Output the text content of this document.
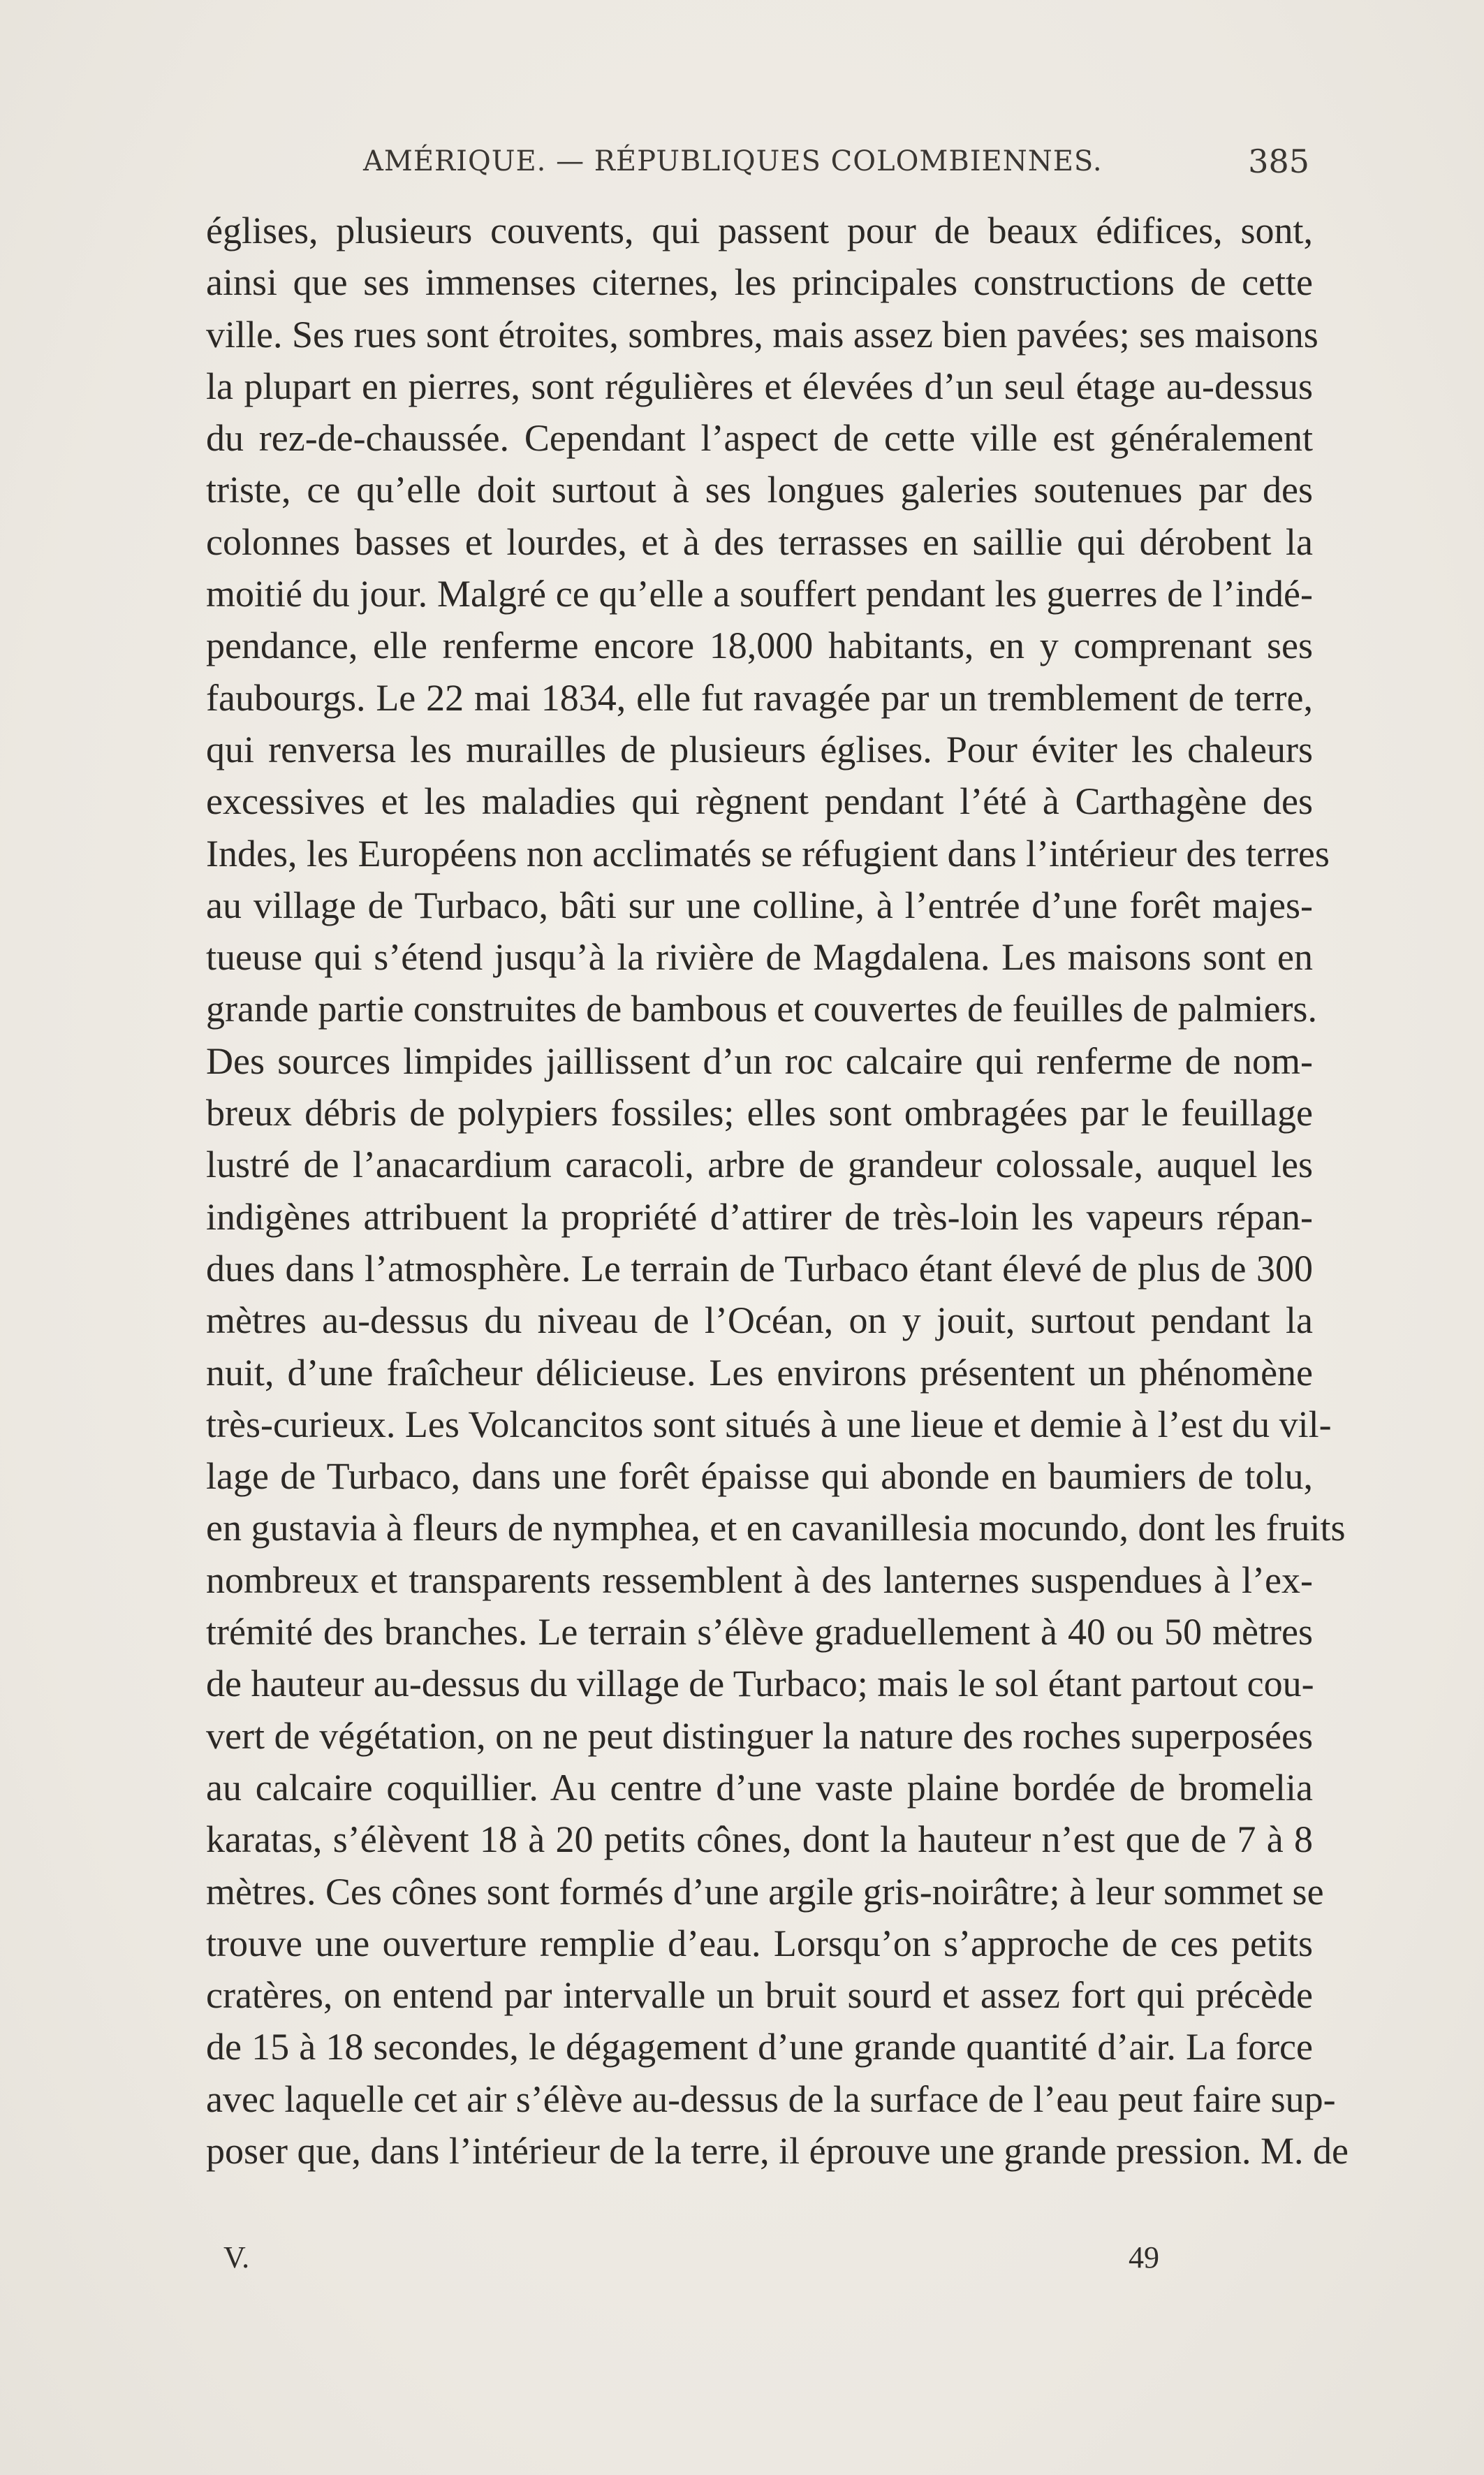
AMÉRIQUE. — RÉPUBLIQUES COLOMBIENNES.	385
églises, plusieurs couvents, qui passent pour de beaux édifices, sont,
ainsi que ses immenses citernes, les principales constructions de cette
ville. Ses rues sont étroites, sombres, mais assez bien pavées; ses maisons
la plupart en pierres, sont régulières et élevées d’un seul étage au-dessus
du rez-de-chaussée. Cependant l’aspect de cette ville est généralement
triste, ce qu’elle doit surtout à ses longues galeries soutenues par des
colonnes basses et lourdes, et à des terrasses en saillie qui dérobent la
moitié du jour. Malgré ce qu’elle a souffert pendant les guerres de l’indé-
pendance, elle renferme encore 18,000 habitants, en y comprenant ses
faubourgs. Le 22 mai 1834, elle fut ravagée par un tremblement de terre,
qui renversa les murailles de plusieurs églises. Pour éviter les chaleurs
excessives et les maladies qui règnent pendant l’été à Carthagène des
Indes, les Européens non acclimatés se réfugient dans l’intérieur des terres
au village de Turbaco, bâti sur une colline, à l’entrée d’une forêt majes-
tueuse qui s’étend jusqu’à la rivière de Magdalena. Les maisons sont en
grande partie construites de bambous et couvertes de feuilles de palmiers.
Des sources limpides jaillissent d’un roc calcaire qui renferme de nom-
breux débris de polypiers fossiles; elles sont ombragées par le feuillage
lustré de l’anacardium caracoli, arbre de grandeur colossale, auquel les
indigènes attribuent la propriété d’attirer de très-loin les vapeurs répan-
dues dans l’atmosphère. Le terrain de Turbaco étant élevé de plus de 300
mètres au-dessus du niveau de l’Océan, on y jouit, surtout pendant la
nuit, d’une fraîcheur délicieuse. Les environs présentent un phénomène
très-curieux. Les Volcancitos sont situés à une lieue et demie à l’est du vil-
lage de Turbaco, dans une forêt épaisse qui abonde en baumiers de tolu,
en gustavia à fleurs de nymphea, et en cavanillesia mocundo, dont les fruits
nombreux et transparents ressemblent à des lanternes suspendues à l’ex-
trémité des branches. Le terrain s’élève graduellement à 40 ou 50 mètres
de hauteur au-dessus du village de Turbaco; mais le sol étant partout cou-
vert de végétation, on ne peut distinguer la nature des roches superposées
au calcaire coquillier. Au centre d’une vaste plaine bordée de bromelia
karatas, s’élèvent 18 à 20 petits cônes, dont la hauteur n’est que de 7 à 8
mètres. Ces cônes sont formés d’une argile gris-noirâtre; à leur sommet se
trouve une ouverture remplie d’eau. Lorsqu’on s’approche de ces petits
cratères, on entend par intervalle un bruit sourd et assez fort qui précède
de 15 à 18 secondes, le dégagement d’une grande quantité d’air. La force
avec laquelle cet air s’élève au-dessus de la surface de l’eau peut faire sup-
poser que, dans l’intérieur de la terre, il éprouve une grande pression. M. de
V.	49
